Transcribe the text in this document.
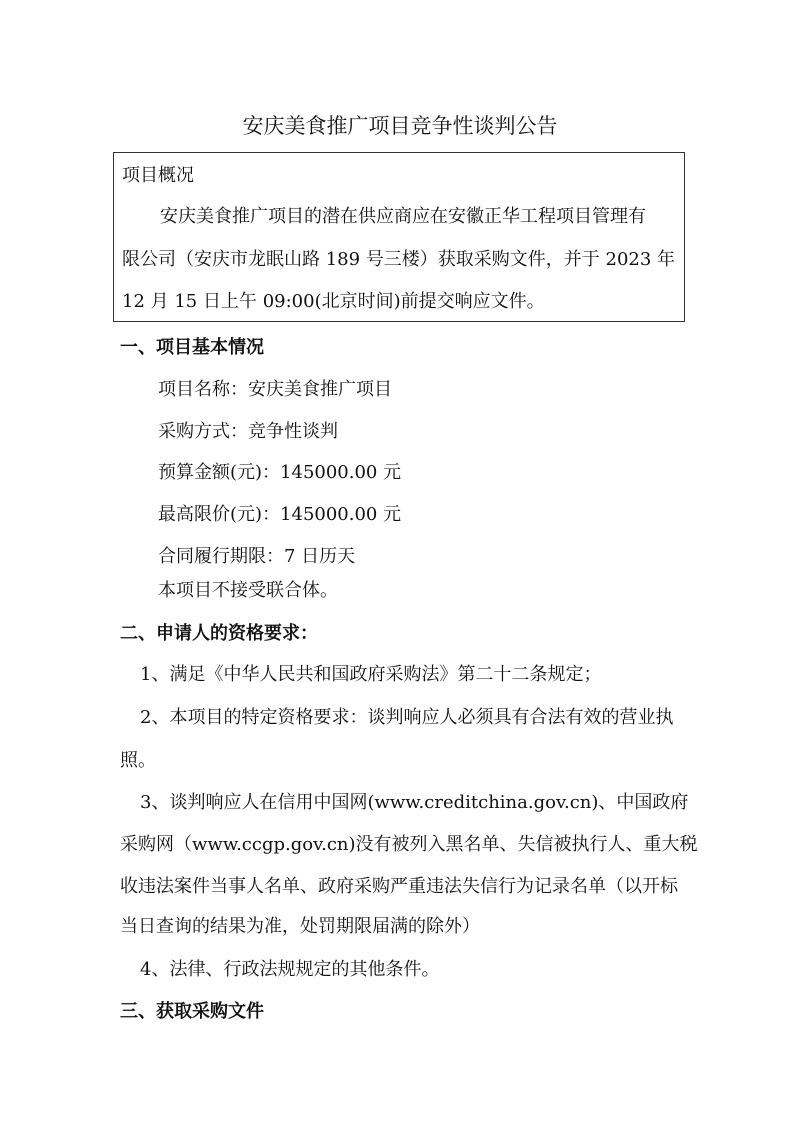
安庆美食推广项目竞争性谈判公告
项目概况
安庆美食推广项目的潜在供应商应在安徽正华工程项目管理有
限公司（安庆市龙眠山路 189 号三楼）获取采购文件，并于 2023 年
12 月 15 日上午 09:00(北京时间)前提交响应文件。
一、项目基本情况
项目名称：安庆美食推广项目
采购方式：竞争性谈判
预算金额(元)：145000.00 元
最高限价(元)：145000.00 元
合同履行期限：7 日历天
本项目不接受联合体。
二、申请人的资格要求：
1、满足《中华人民共和国政府采购法》第二十二条规定；
2、本项目的特定资格要求：谈判响应人必须具有合法有效的营业执
照。
3、谈判响应人在信用中国网(www.creditchina.gov.cn)、中国政府
采购网（www.ccgp.gov.cn)没有被列入黑名单、失信被执行人、重大税
收违法案件当事人名单、政府采购严重违法失信行为记录名单（以开标
当日查询的结果为准，处罚期限届满的除外）
4、法律、行政法规规定的其他条件。
三、获取采购文件
